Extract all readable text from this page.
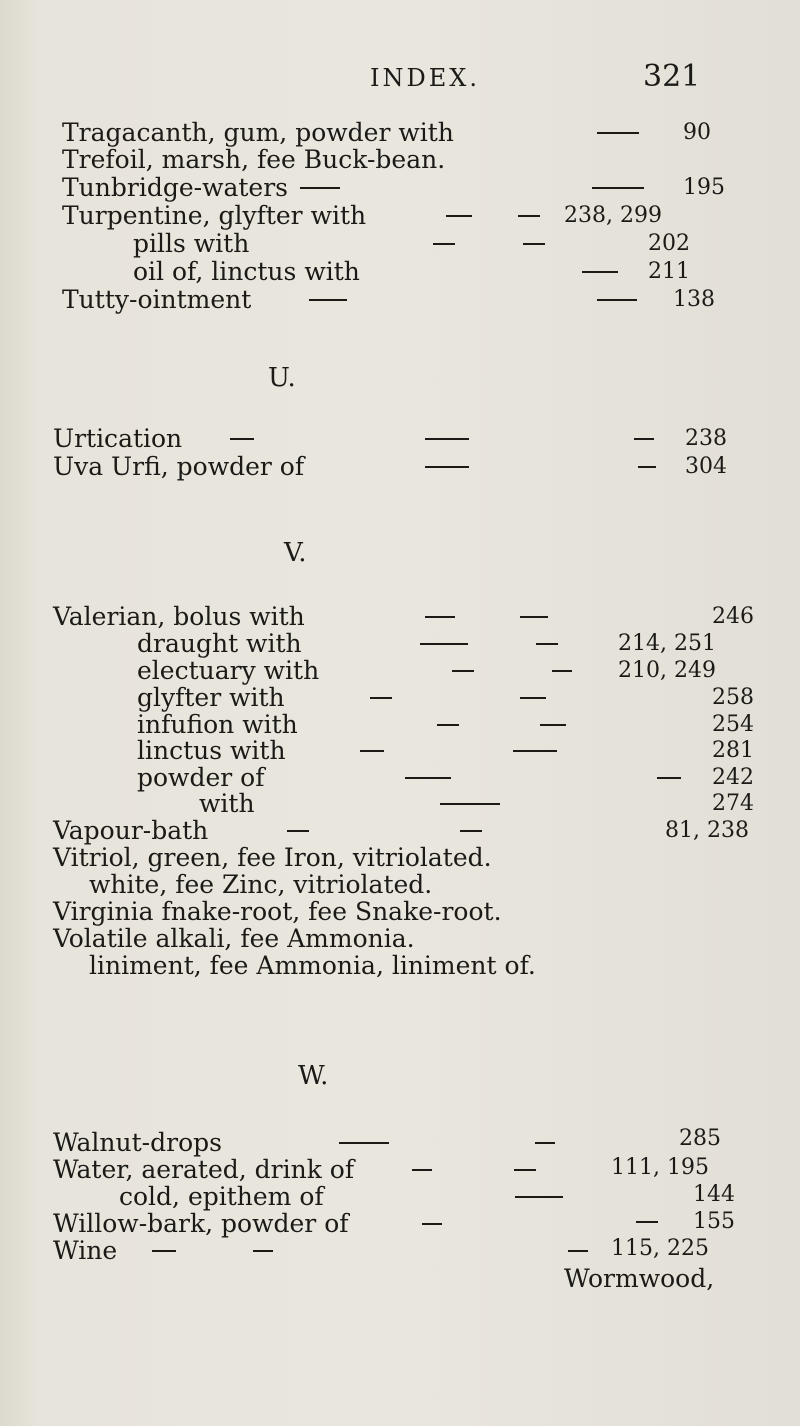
INDEX.	321
Tragacanth, gum, powder with	90
Trefoil, marsh, fee Buck-bean.
Tunbridge-waters	195
Turpentine, glyfter with	238, 299
pills with	202
oil of, linctus with	211
Tutty-ointment	138
U.
Urtication	238
Uva Urfi, powder of	304
V.
Valerian, bolus with	246
draught with	214, 251
electuary with	210, 249
glyfter with	258
infufion with	254
linctus with	281
powder of	242
with	274
Vapour-bath	81, 238
Vitriol, green, fee Iron, vitriolated.
white, fee Zinc, vitriolated.
Virginia fnake-root, fee Snake-root.
Volatile alkali, fee Ammonia.
liniment, fee Ammonia, liniment of.
W.
Walnut-drops	285
Water, aerated, drink of	111, 195
cold, epithem of	144
Willow-bark, powder of	155
Wine	115, 225
Wormwood,
